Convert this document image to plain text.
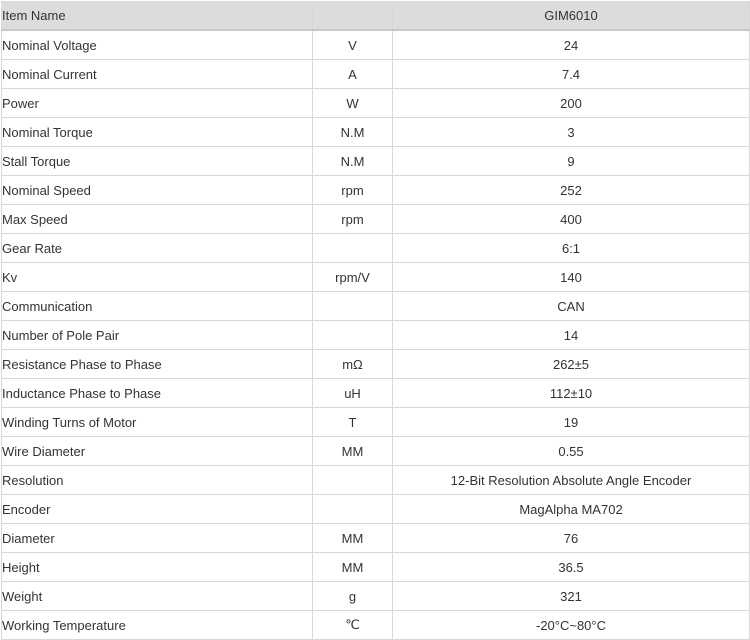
Item Name		GIM6010
Nominal Voltage	V	24
Nominal Current	A	7.4
Power	W	200
Nominal Torque	N.M	3
Stall Torque	N.M	9
Nominal Speed	rpm	252
Max Speed	rpm	400
Gear Rate		6:1
Kv	rpm/V	140
Communication		CAN
Number of Pole Pair		14
Resistance Phase to Phase	mΩ	262±5
Inductance Phase to Phase	uH	112±10
Winding Turns of Motor	T	19
Wire Diameter	MM	0.55
Resolution		12-Bit Resolution Absolute Angle Encoder
Encoder		MagAlpha MA702
Diameter	MM	76
Height	MM	36.5
Weight	g	321
Working Temperature	℃	-20°C~80°C
